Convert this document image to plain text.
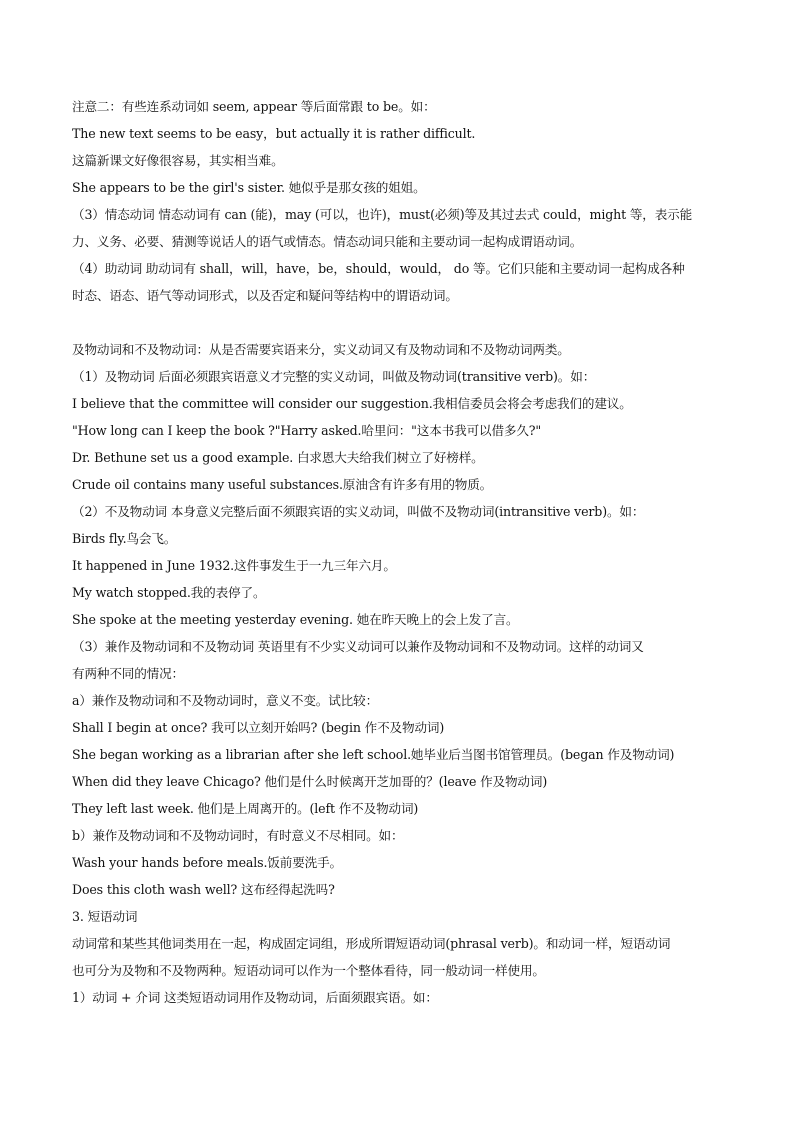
注意二：有些连系动词如 seem, appear 等后面常跟 to be。如：
The new text seems to be easy，but actually it is rather difficult.
这篇新课文好像很容易，其实相当难。
She appears to be the girl's sister. 她似乎是那女孩的姐姐。
（3）情态动词 情态动词有 can (能)，may (可以，也许)，must(必须)等及其过去式 could，might 等，表示能
力、义务、必要、猜测等说话人的语气或情态。情态动词只能和主要动词一起构成谓语动词。
（4）助动词 助动词有 shall，will，have，be，should，would， do 等。它们只能和主要动词一起构成各种
时态、语态、语气等动词形式，以及否定和疑问等结构中的谓语动词。
及物动词和不及物动词：从是否需要宾语来分，实义动词又有及物动词和不及物动词两类。
（1）及物动词 后面必须跟宾语意义才完整的实义动词，叫做及物动词(transitive verb)。如：
I believe that the committee will consider our suggestion.我相信委员会将会考虑我们的建议。
"How long can I keep the book ?"Harry asked.哈里问："这本书我可以借多久?"
Dr. Bethune set us a good example. 白求恩大夫给我们树立了好榜样。
Crude oil contains many useful substances.原油含有许多有用的物质。
（2）不及物动词 本身意义完整后面不须跟宾语的实义动词，叫做不及物动词(intransitive verb)。如：
Birds fly.鸟会飞。
It happened in June 1932.这件事发生于一九三年六月。
My watch stopped.我的表停了。
She spoke at the meeting yesterday evening. 她在昨天晚上的会上发了言。
（3）兼作及物动词和不及物动词 英语里有不少实义动词可以兼作及物动词和不及物动词。这样的动词又
有两种不同的情况：
a）兼作及物动词和不及物动词时，意义不变。试比较：
Shall I begin at once? 我可以立刻开始吗? (begin 作不及物动词)
She began working as a librarian after she left school.她毕业后当图书馆管理员。(began 作及物动词)
When did they leave Chicago? 他们是什么时候离开芝加哥的？(leave 作及物动词)
They left last week. 他们是上周离开的。(left 作不及物动词)
b）兼作及物动词和不及物动词时，有时意义不尽相同。如：
Wash your hands before meals.饭前要洗手。
Does this cloth wash well? 这布经得起洗吗?
3. 短语动词
动词常和某些其他词类用在一起，构成固定词组，形成所谓短语动词(phrasal verb)。和动词一样，短语动词
也可分为及物和不及物两种。短语动词可以作为一个整体看待，同一般动词一样使用。
1）动词 + 介词 这类短语动词用作及物动词，后面须跟宾语。如：
